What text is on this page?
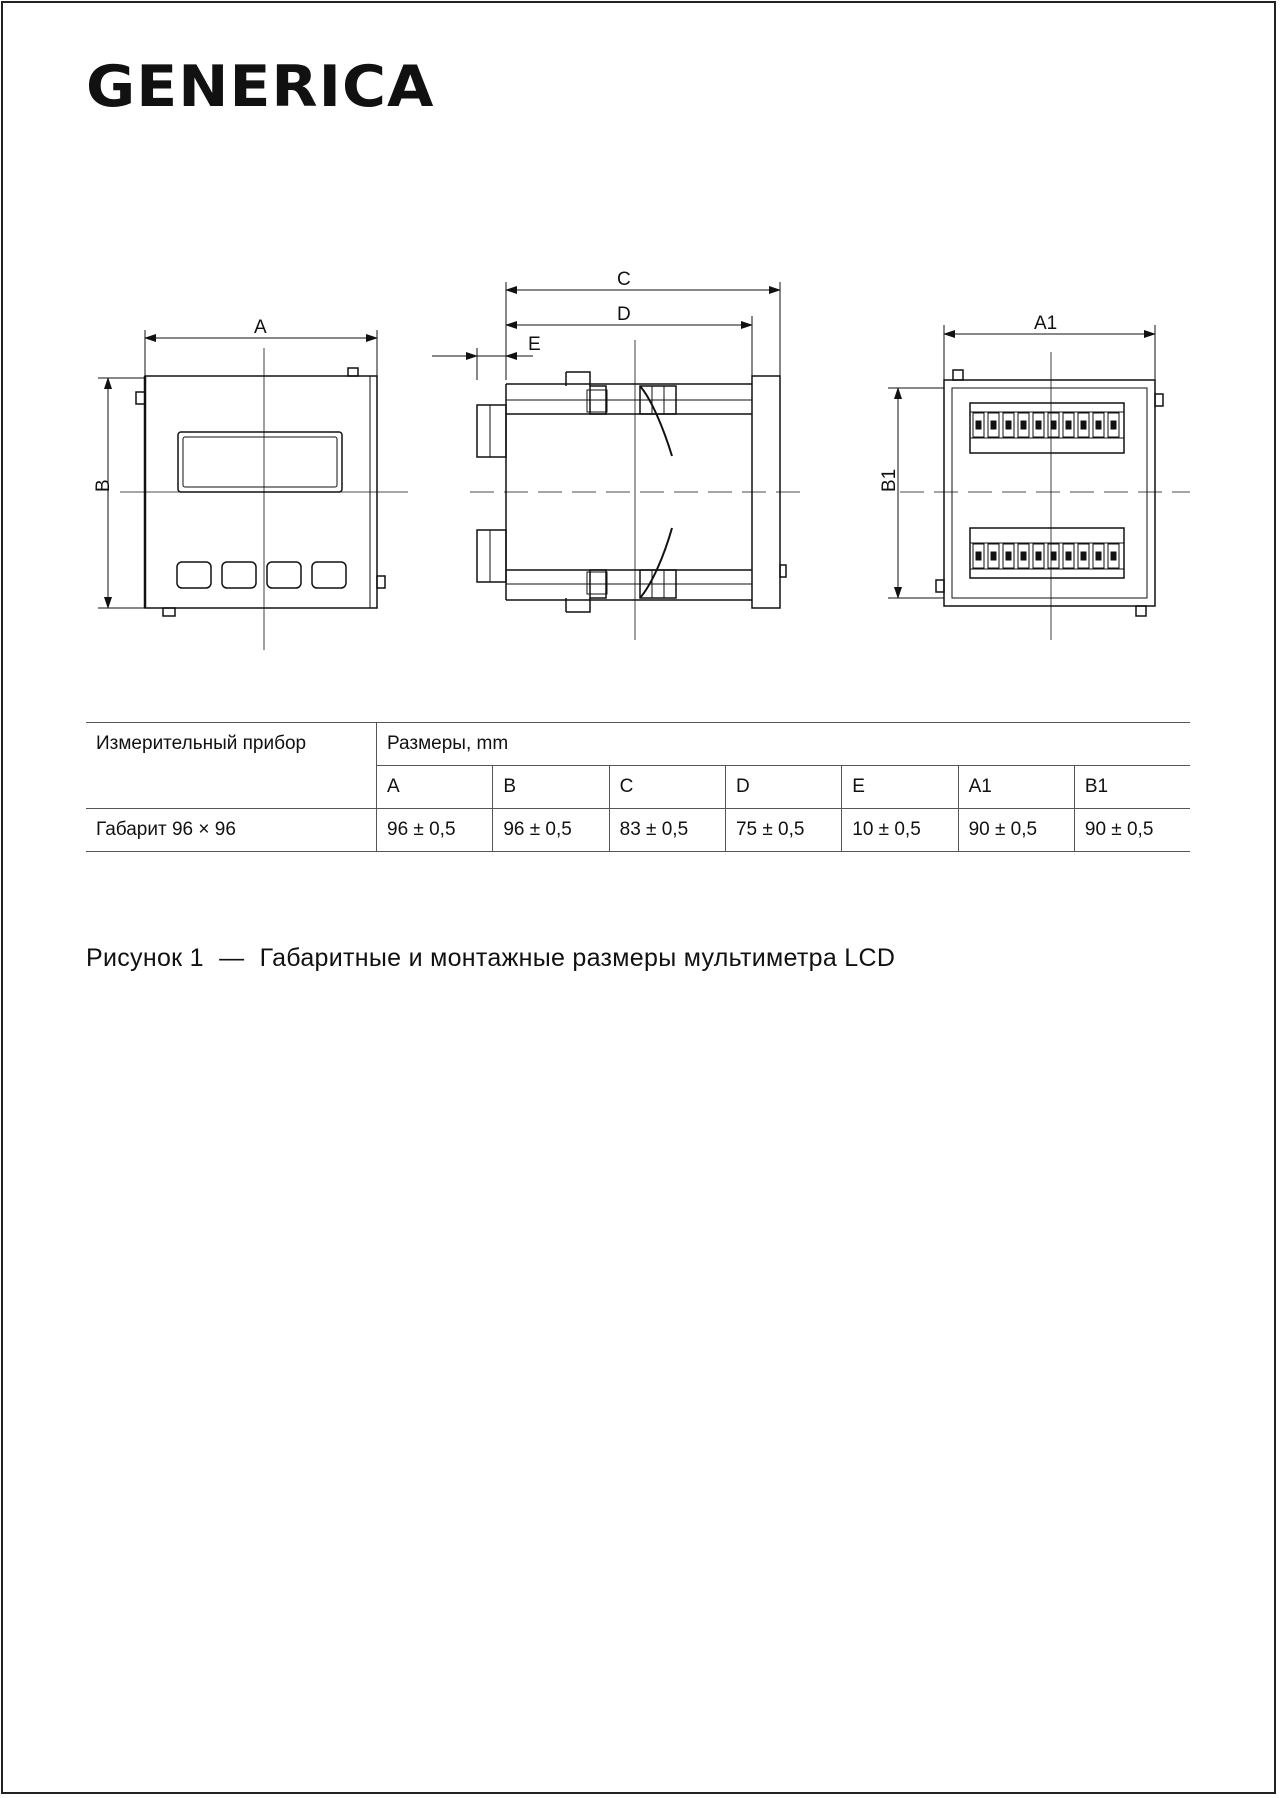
GENERICA
A
B
C
D
E
A1
B1
Измерительный прибор	Размеры, mm						
	A	B	C	D	E	A1	B1
Габарит 96 × 96	96 ± 0,5	96 ± 0,5	83 ± 0,5	75 ± 0,5	10 ± 0,5	90 ± 0,5	90 ± 0,5
Рисунок 1 — Габаритные и монтажные размеры мультиметра LCD
